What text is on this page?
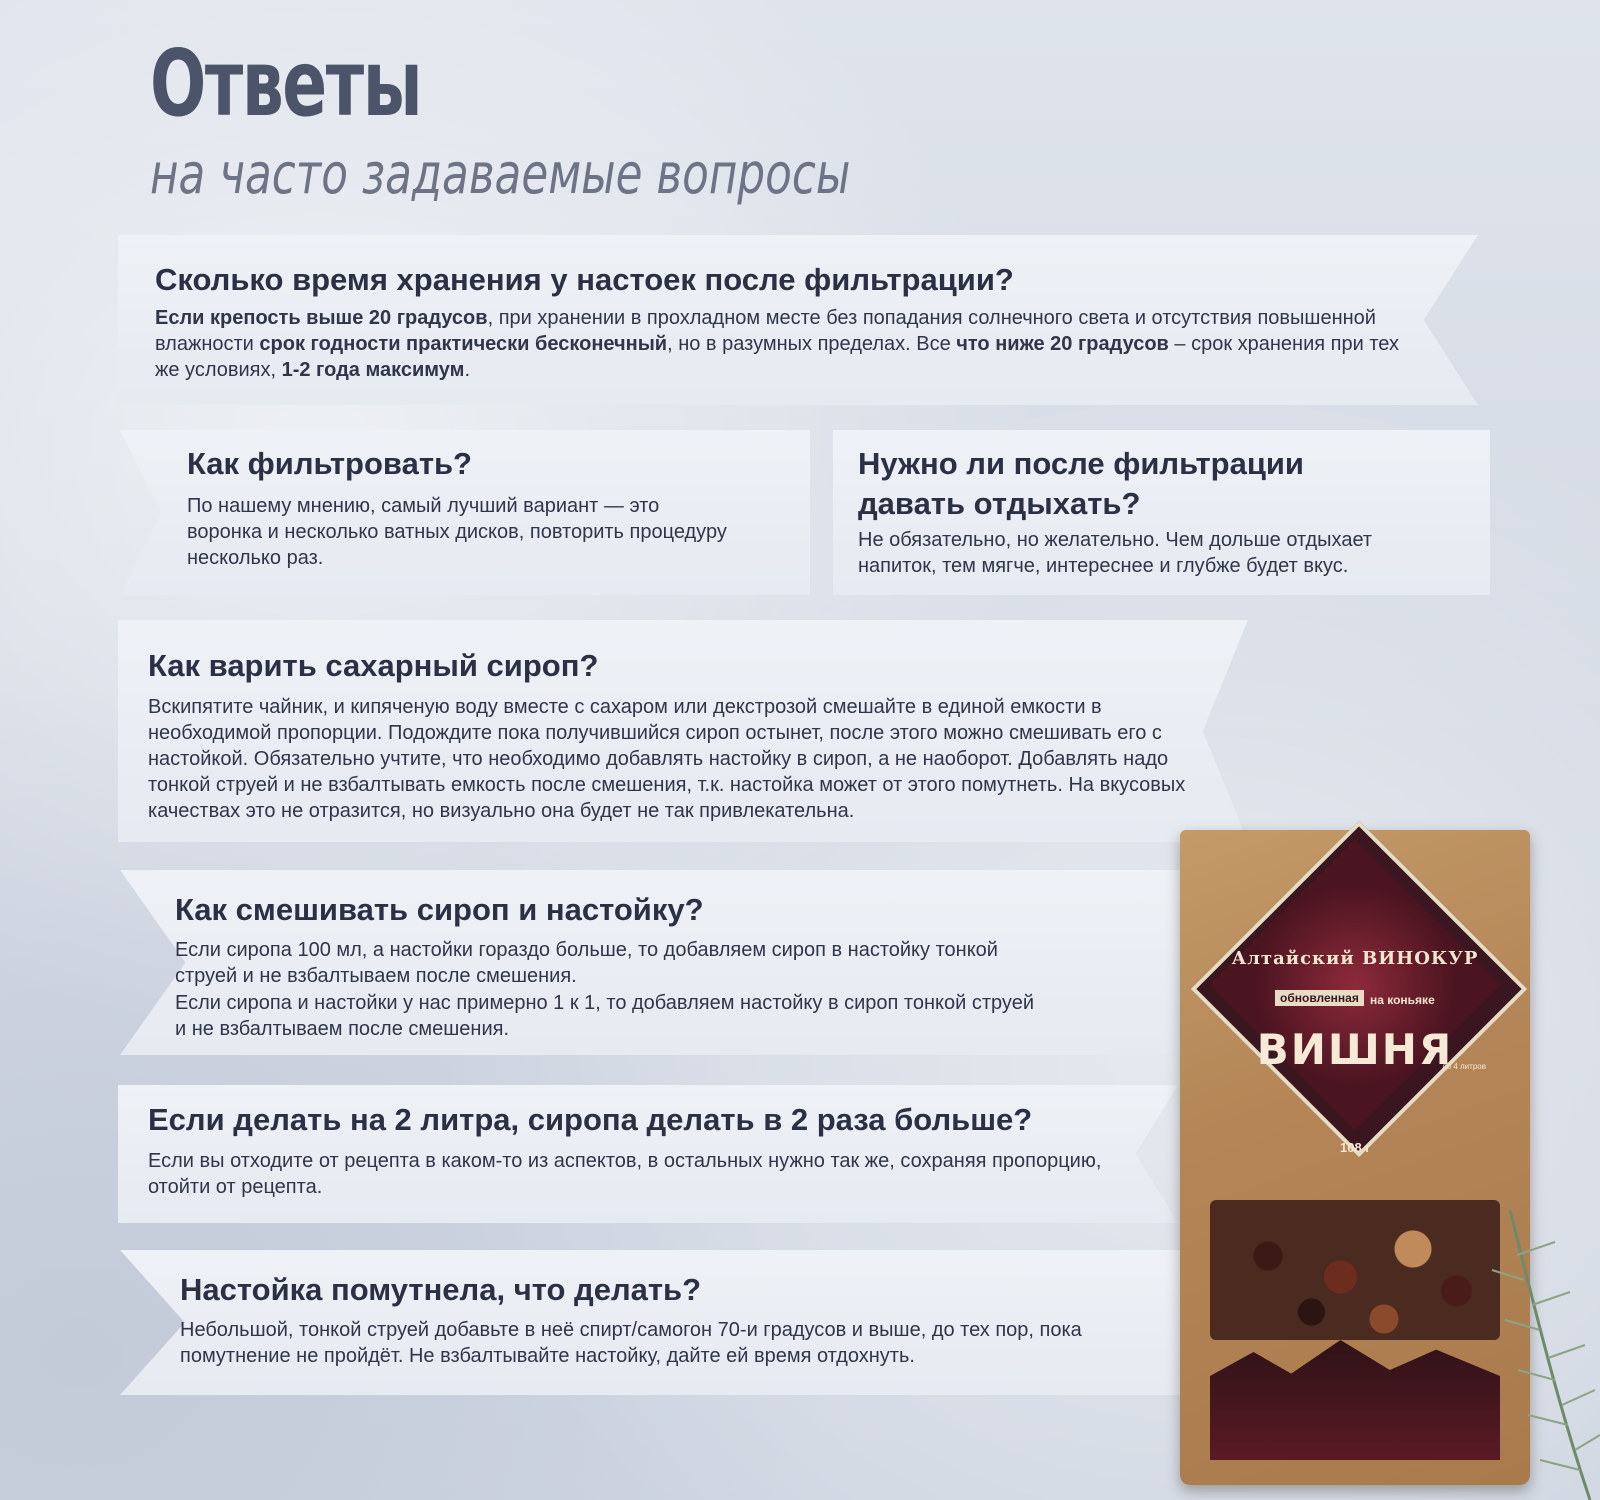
Ответы
на часто задаваемые вопросы
Сколько время хранения у настоек после фильтрации?
Если крепость выше 20 градусов, при хранении в прохладном месте без попадания солнечного света и отсутствия повышенной влажности срок годности практически бесконечный, но в разумных пределах. Все что ниже 20 градусов – срок хранения при тех же условиях, 1-2 года максимум.
Как фильтровать?
По нашему мнению, самый лучший вариант — это воронка и несколько ватных дисков, повторить процедуру несколько раз.
Нужно ли после фильтрации давать отдыхать?
Не обязательно, но желательно. Чем дольше отдыхает напиток, тем мягче, интереснее и глубже будет вкус.
Как варить сахарный сироп?
Вскипятите чайник, и кипяченую воду вместе с сахаром или декстрозой смешайте в единой емкости в необходимой пропорции. Подождите пока получившийся сироп остынет, после этого можно смешивать его с настойкой. Обязательно учтите, что необходимо добавлять настойку в сироп, а не наоборот. Добавлять надо тонкой струей и не взбалтывать емкость после смешения, т.к. настойка может от этого помутнеть. На вкусовых качествах это не отразится, но визуально она будет не так привлекательна.
Как смешивать сироп и настойку?
Если сиропа 100 мл, а настойки гораздо больше, то добавляем сироп в настойку тонкой струей и не взбалтываем после смешения.
Если сиропа и настойки у нас примерно 1 к 1, то добавляем настойку в сироп тонкой струей и не взбалтываем после смешения.
Если делать на 2 литра, сиропа делать в 2 раза больше?
Если вы отходите от рецепта в каком-то из аспектов, в остальных нужно так же, сохраняя пропорцию, отойти от рецепта.
Настойка помутнела, что делать?
Небольшой, тонкой струей добавьте в неё спирт/самогон 70-и градусов и выше, до тех пор, пока помутнение не пройдёт. Не взбалтывайте настойку, дайте ей время отдохнуть.
Алтайский ВИНОКУР
обновленная на коньяке
ВИШНЯ
до 4 литров
108 г
